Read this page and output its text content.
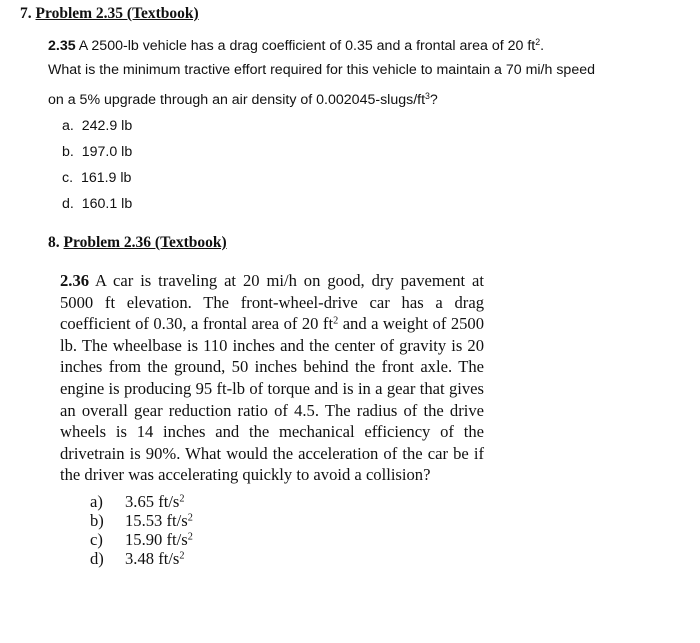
7. Problem 2.35 (Textbook)
2.35 A 2500-lb vehicle has a drag coefficient of 0.35 and a frontal area of 20 $ft^2$.
What is the minimum tractive effort required for this vehicle to maintain a 70 mi/h speed
on a 5% upgrade through an air density of $0.002045-slugs/ft^3$?
a. 242.9 lb
b. 197.0 lb
c. 161.9 lb
d. 160.1 lb
8. Problem 2.36 (Textbook)
2.36 A car is traveling at 20 mi/h on good, dry pavement at 5000 ft elevation. The front-wheel-drive car has a drag coefficient of 0.30, a frontal area of 20 $ft^2$ and a weight of 2500 lb. The wheelbase is 110 inches and the center of gravity is 20 inches from the ground, 50 inches behind the front axle. The engine is producing 95 ft-lb of torque and is in a gear that gives an overall gear reduction ratio of 4.5. The radius of the drive wheels is 14 inches and the mechanical efficiency of the drivetrain is 90%. What would the acceleration of the car be if the driver was accelerating quickly to avoid a collision?
a)	3.65 $ft/s^2$
b)	15.53 $ft/s^2$
c)	15.90 $ft/s^2$
d)	3.48 $ft/s^2$
